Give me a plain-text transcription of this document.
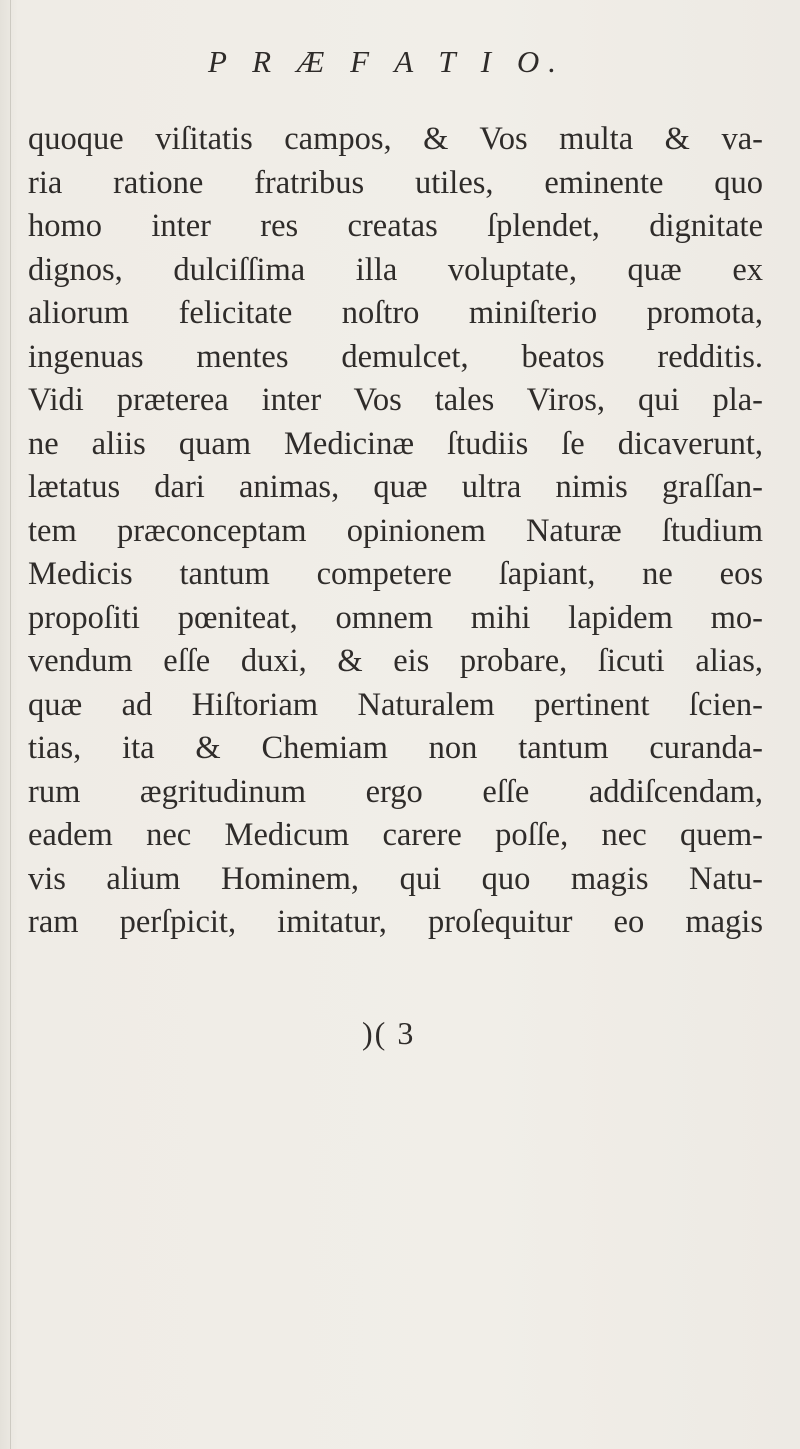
P R Æ F A T I O.
quoque viſitatis campos, & Vos multa & va-
ria ratione fratribus utiles, eminente quo
homo inter res creatas ſplendet, dignitate
dignos, dulciſſima illa voluptate, quæ ex
aliorum felicitate noſtro miniſterio promota,
ingenuas mentes demulcet, beatos redditis.
Vidi præterea inter Vos tales Viros, qui pla-
ne aliis quam Medicinæ ſtudiis ſe dicaverunt,
lætatus dari animas, quæ ultra nimis graſſan-
tem præconceptam opinionem Naturæ ſtudium
Medicis tantum competere ſapiant, ne eos
propoſiti pœniteat, omnem mihi lapidem mo-
vendum eſſe duxi, & eis probare, ſicuti alias,
quæ ad Hiſtoriam Naturalem pertinent ſcien-
tias, ita & Chemiam non tantum curanda-
rum ægritudinum ergo eſſe addiſcendam,
eadem nec Medicum carere poſſe, nec quem-
vis alium Hominem, qui quo magis Natu-
ram perſpicit, imitatur, proſequitur eo magis
)( 3
